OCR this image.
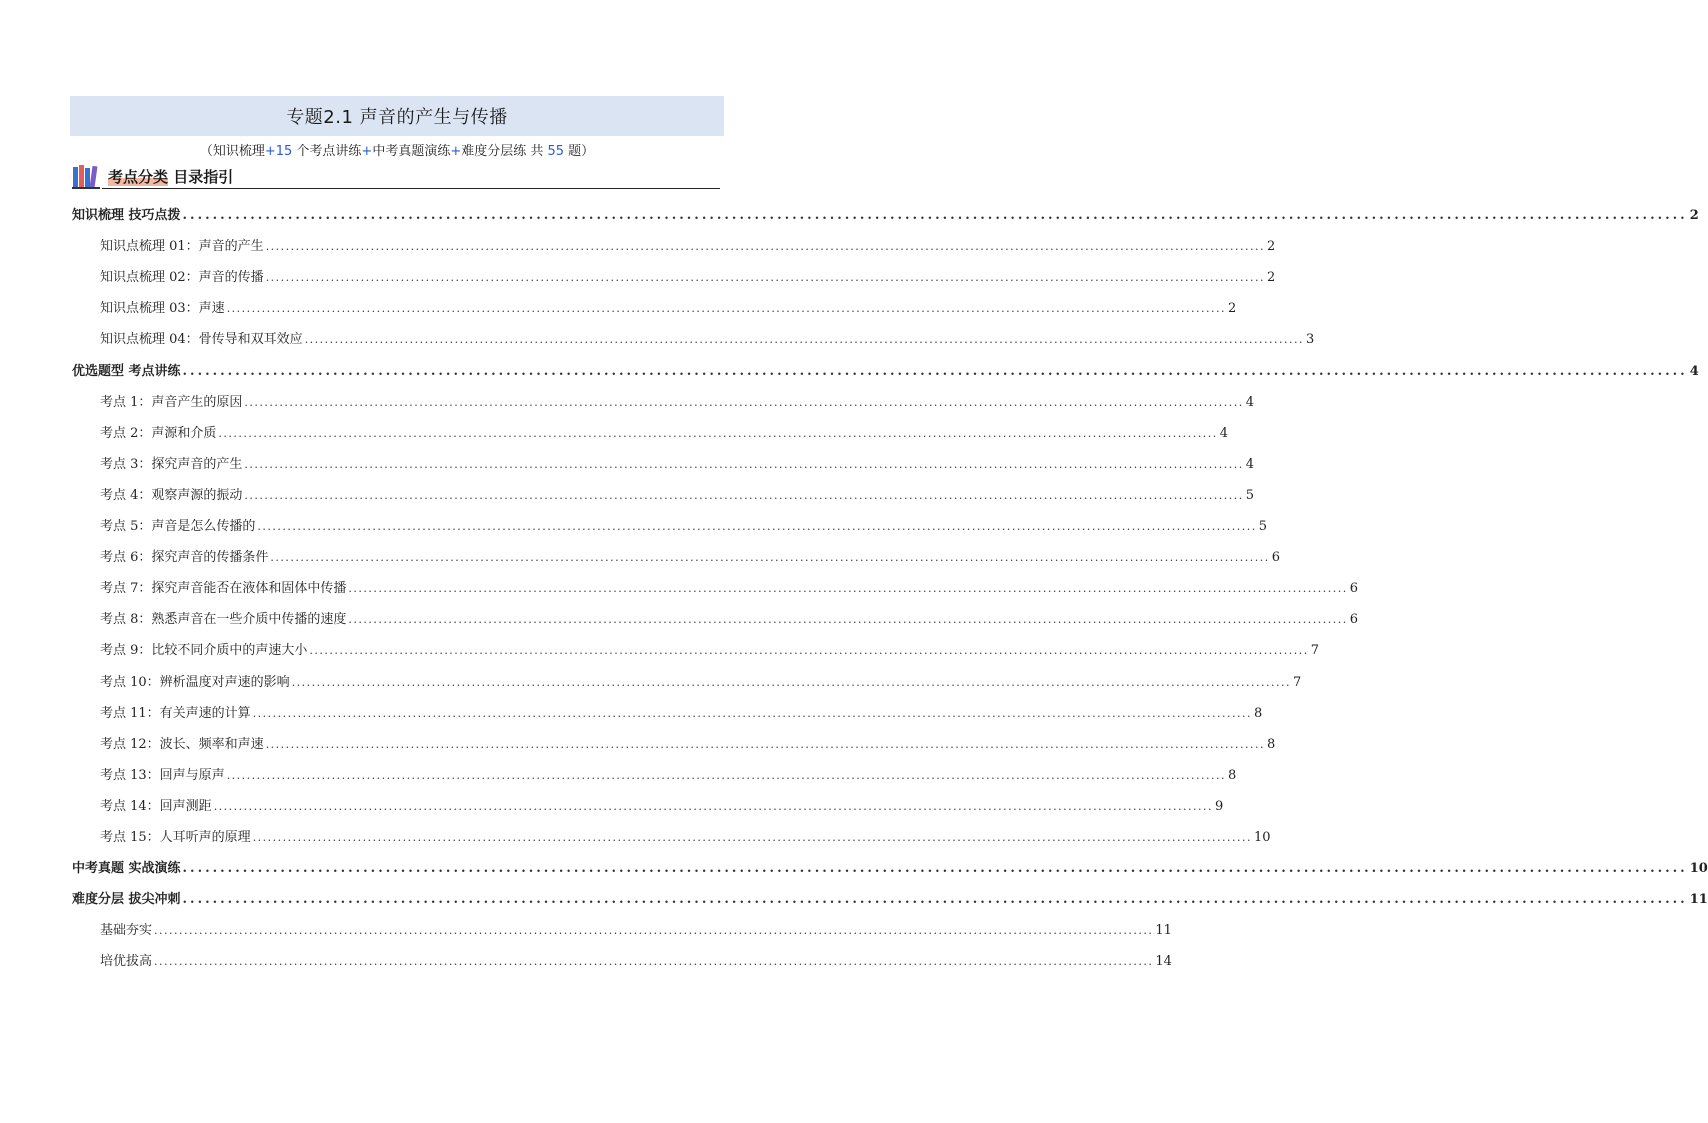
专题2.1 声音的产生与传播
（知识梳理+15 个考点讲练+中考真题演练+难度分层练 共 55 题）
考点分类 目录指引
知识梳理 技巧点拨 ........................................................................................................................................................................................................ 2
知识点梳理 01：声音的产生 ........................................................................................................................................................................................................ 2
知识点梳理 02：声音的传播 ........................................................................................................................................................................................................ 2
知识点梳理 03：声速 ........................................................................................................................................................................................................ 2
知识点梳理 04：骨传导和双耳效应 ........................................................................................................................................................................................................ 3
优选题型 考点讲练 ........................................................................................................................................................................................................ 4
考点 1：声音产生的原因 ........................................................................................................................................................................................................ 4
考点 2：声源和介质 ........................................................................................................................................................................................................ 4
考点 3：探究声音的产生 ........................................................................................................................................................................................................ 4
考点 4：观察声源的振动 ........................................................................................................................................................................................................ 5
考点 5：声音是怎么传播的 ........................................................................................................................................................................................................ 5
考点 6：探究声音的传播条件 ........................................................................................................................................................................................................ 6
考点 7：探究声音能否在液体和固体中传播 ........................................................................................................................................................................................................ 6
考点 8：熟悉声音在一些介质中传播的速度 ........................................................................................................................................................................................................ 6
考点 9：比较不同介质中的声速大小 ........................................................................................................................................................................................................ 7
考点 10：辨析温度对声速的影响 ........................................................................................................................................................................................................ 7
考点 11：有关声速的计算 ........................................................................................................................................................................................................ 8
考点 12：波长、频率和声速 ........................................................................................................................................................................................................ 8
考点 13：回声与原声 ........................................................................................................................................................................................................ 8
考点 14：回声测距 ........................................................................................................................................................................................................ 9
考点 15：人耳听声的原理 ........................................................................................................................................................................................................ 10
中考真题 实战演练 ........................................................................................................................................................................................................ 10
难度分层 拔尖冲刺 ........................................................................................................................................................................................................ 11
基础夯实 ........................................................................................................................................................................................................ 11
培优拔高 ........................................................................................................................................................................................................ 14
